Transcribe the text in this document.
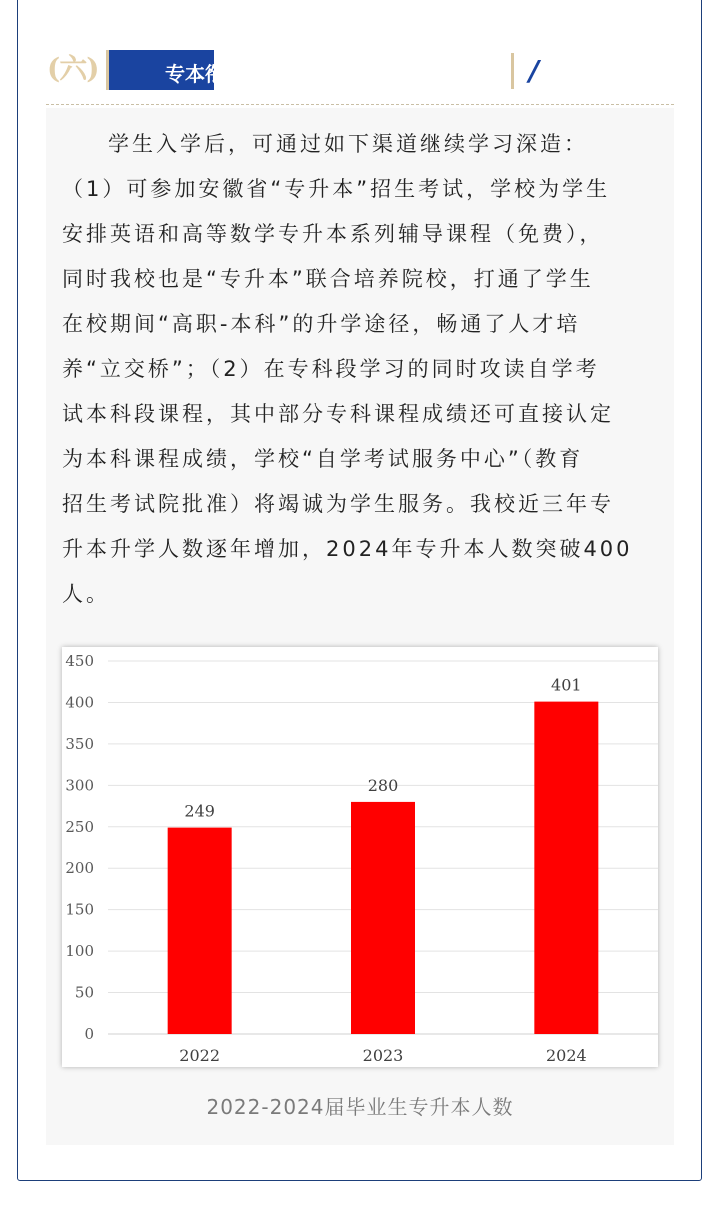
(六)	专本衔接	/

学生入学后，可通过如下渠道继续学习深造：
（1）可参加安徽省“专升本”招生考试，学校为学生
安排英语和高等数学专升本系列辅导课程（免费），
同时我校也是“专升本”联合培养院校，打通了学生
在校期间“高职-本科”的升学途径，畅通了人才培
养“立交桥”；（2）在专科段学习的同时攻读自学考
试本科段课程，其中部分专科课程成绩还可直接认定
为本科课程成绩，学校“自学考试服务中心”（教育
招生考试院批准）将竭诚为学生服务。我校近三年专
升本升学人数逐年增加，2024年专升本人数突破400
人。

0
50
100
150
200
250
300
350
400
450
249
2022
280
2023
401
2024
2022-2024届毕业生专升本人数
